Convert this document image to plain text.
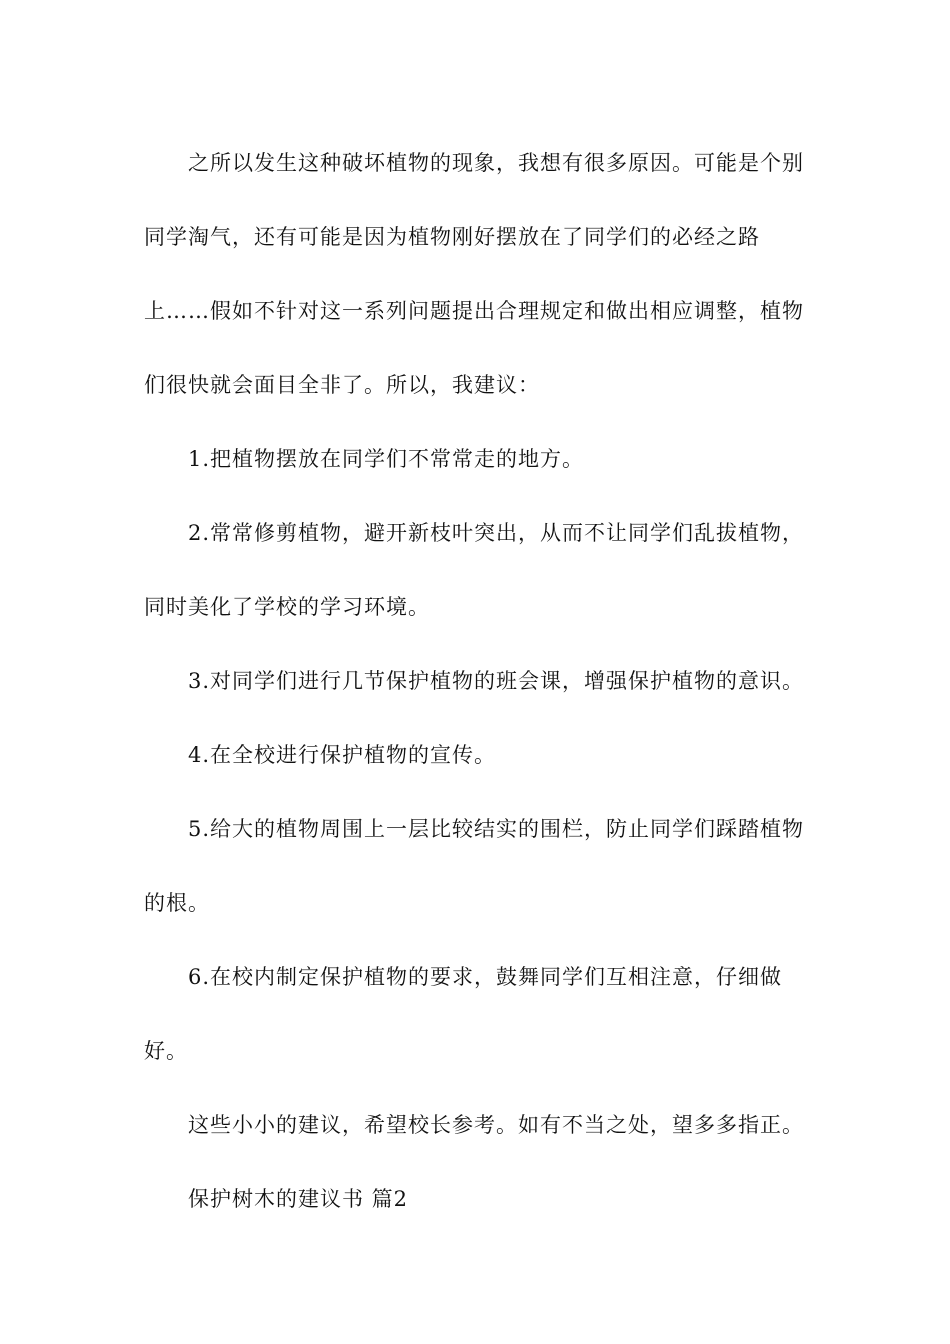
之所以发生这种破坏植物的现象，我想有很多原因。可能是个别同学淘气，还有可能是因为植物刚好摆放在了同学们的必经之路上……假如不针对这一系列问题提出合理规定和做出相应调整，植物们很快就会面目全非了。所以，我建议：

1.把植物摆放在同学们不常常走的地方。

2.常常修剪植物，避开新枝叶突出，从而不让同学们乱拔植物，同时美化了学校的学习环境。

3.对同学们进行几节保护植物的班会课，增强保护植物的意识。

4.在全校进行保护植物的宣传。

5.给大的植物周围上一层比较结实的围栏，防止同学们踩踏植物的根。

6.在校内制定保护植物的要求，鼓舞同学们互相注意，仔细做好。

这些小小的建议，希望校长参考。如有不当之处，望多多指正。

保护树木的建议书 篇2
